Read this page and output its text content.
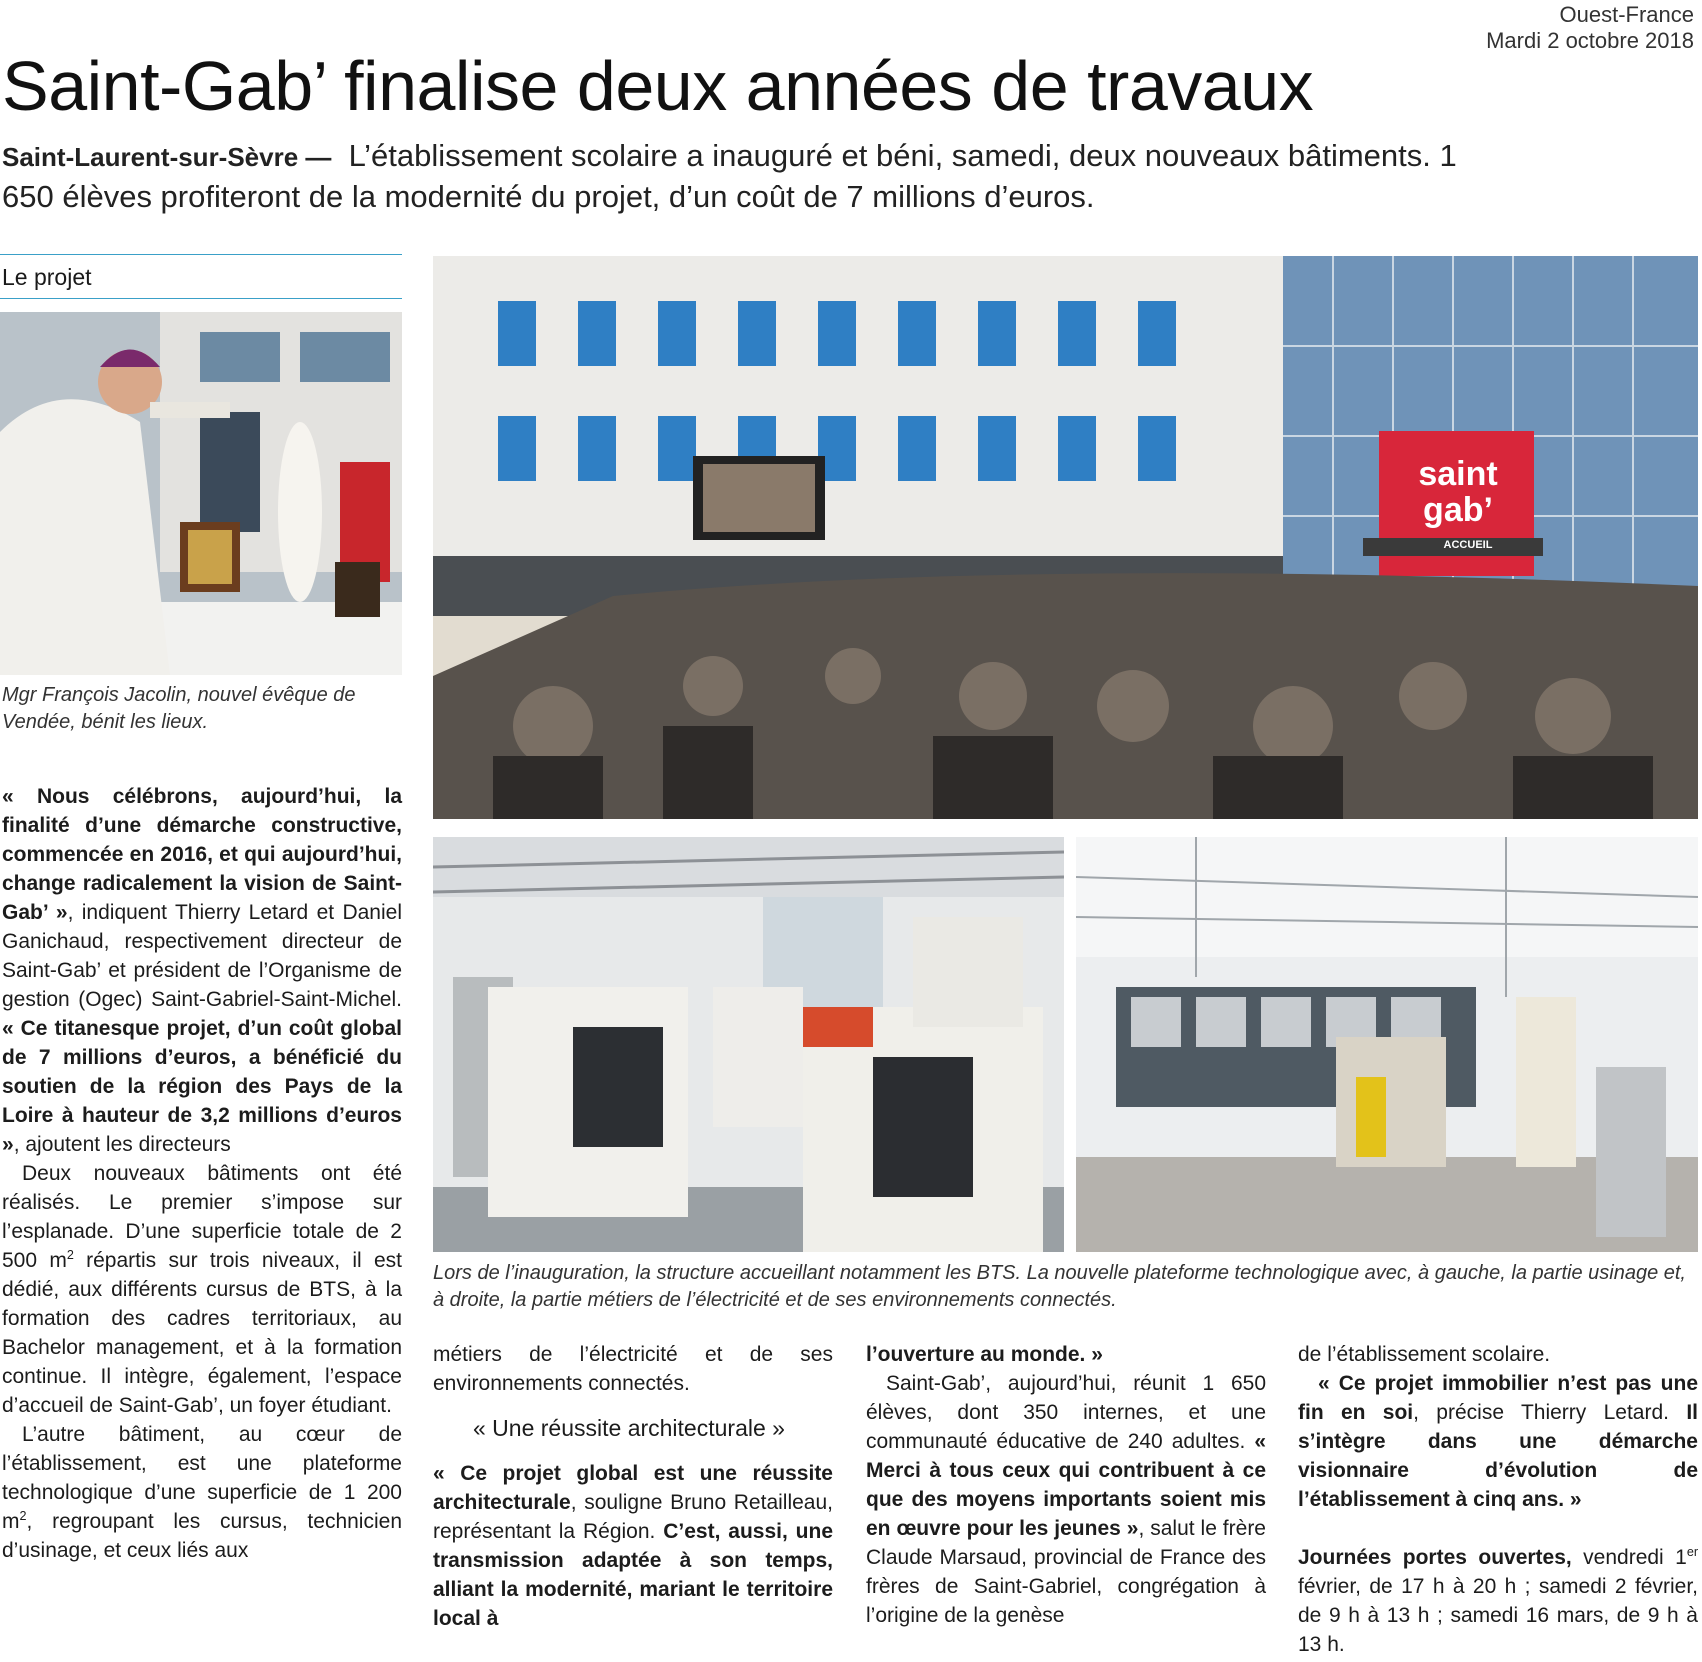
Ouest-France
Mardi 2 octobre 2018
Saint-Gab’ finalise deux années de travaux
Saint-Laurent-sur-Sèvre — L’établissement scolaire a inauguré et béni, samedi, deux nouveaux bâtiments. 1 650 élèves profiteront de la modernité du projet, d’un coût de 7 millions d’euros.
Le projet
Mgr François Jacolin, nouvel évêque de Vendée, bénit les lieux.
saint gab’
ACCUEIL
Lors de l’inauguration, la structure accueillant notamment les BTS. La nouvelle plateforme technologique avec, à gauche, la partie usinage et, à droite, la partie métiers de l’électricité et de ses environnements connectés.

« Nous célébrons, aujourd’hui, la finalité d’une démarche constructive, commencée en 2016, et qui aujourd’hui, change radicalement la vision de Saint-Gab’ », indiquent Thierry Letard et Daniel Ganichaud, respectivement directeur de Saint-Gab’ et président de l’Organisme de gestion (Ogec) Saint-Gabriel-Saint-Michel. « Ce titanesque projet, d’un coût global de 7 millions d’euros, a bénéficié du soutien de la région des Pays de la Loire à hauteur de 3,2 millions d’euros », ajoutent les directeurs

Deux nouveaux bâtiments ont été réalisés. Le premier s’impose sur l’esplanade. D’une superficie totale de 2 500 $m^2$ répartis sur trois niveaux, il est dédié, aux différents cursus de BTS, à la formation des cadres territoriaux, au Bachelor management, et à la formation continue. Il intègre, également, l’espace d’accueil de Saint-Gab’, un foyer étudiant.

L’autre bâtiment, au cœur de l’établissement, est une plateforme technologique d’une superficie de 1 200 $m^2$, regroupant les cursus, technicien d’usinage, et ceux liés aux

métiers de l’électricité et de ses environnements connectés.

« Une réussite architecturale »

« Ce projet global est une réussite architecturale, souligne Bruno Retailleau, représentant la Région. C’est, aussi, une transmission adaptée à son temps, alliant la modernité, mariant le territoire local à

l’ouverture au monde. »

Saint-Gab’, aujourd’hui, réunit 1 650 élèves, dont 350 internes, et une communauté éducative de 240 adultes. « Merci à tous ceux qui contribuent à ce que des moyens importants soient mis en œuvre pour les jeunes », salut le frère Claude Marsaud, provincial de France des frères de Saint-Gabriel, congrégation à l’origine de la genèse

de l’établissement scolaire.

« Ce projet immobilier n’est pas une fin en soi, précise Thierry Letard. Il s’intègre dans une démarche visionnaire d’évolution de l’établissement à cinq ans. »

Journées portes ouvertes, vendredi 1er février, de 17 h à 20 h ; samedi 2 février, de 9 h à 13 h ; samedi 16 mars, de 9 h à 13 h.
